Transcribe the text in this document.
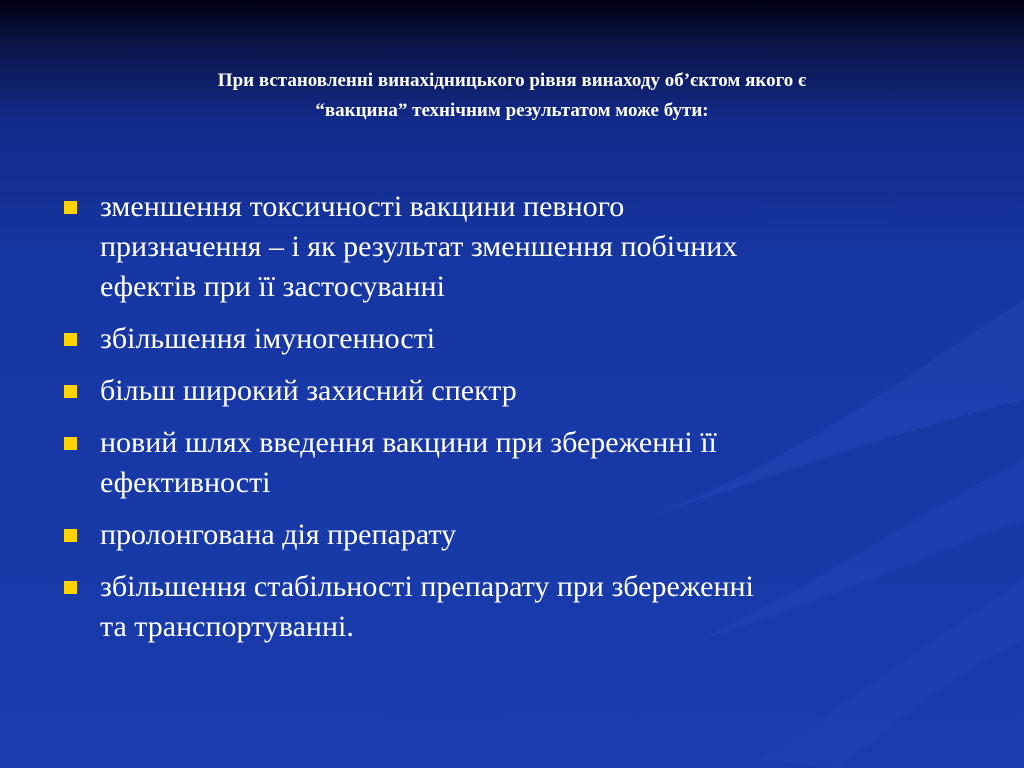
При встановленні винахідницького рівня винаходу об’єктом якого є
“вакцина” технічним результатом може бути:
зменшення токсичності вакцини певного
призначення – і як результат зменшення побічних
ефектів при її застосуванні
збільшення імуногенності
більш широкий захисний спектр
новий шлях введення вакцини при збереженні її
ефективності
пролонгована дія препарату
збільшення стабільності препарату при збереженні
та транспортуванні.
